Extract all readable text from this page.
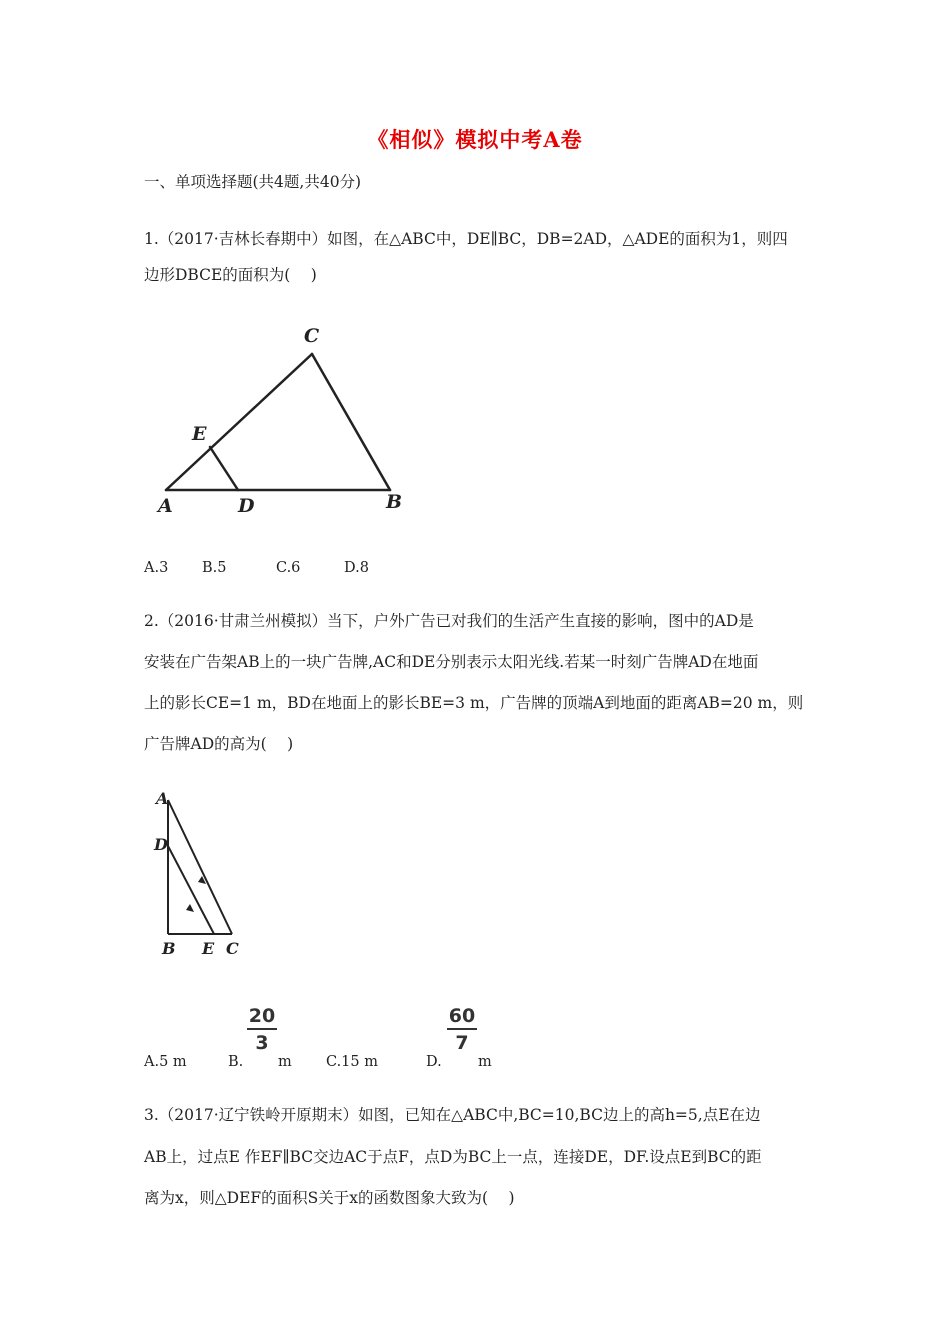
《相似》模拟中考A卷
一、单项选择题(共4题,共40分)
1.（2017·吉林长春期中）如图，在△ABC中，DE∥BC，DB=2AD，△ADE的面积为1，则四
边形DBCE的面积为(　 )
C
E
A	D	B
A.3 B.5	C.6	D.8
2.（2016·甘肃兰州模拟）当下，户外广告已对我们的生活产生直接的影响，图中的AD是
安装在广告架AB上的一块广告牌,AC和DE分别表示太阳光线.若某一时刻广告牌AD在地面
上的影长CE=1 m，BD在地面上的影长BE=3 m，广告牌的顶端A到地面的距离AB=20 m，则
广告牌AD的高为(　 )
A
D
B E C
A.5 m	B.
20
3
m C.15 m	D.
60
7
m
3.（2017·辽宁铁岭开原期末）如图，已知在△ABC中,BC=10,BC边上的高h=5,点E在边
AB上，过点E 作EF∥BC交边AC于点F，点D为BC上一点，连接DE，DF.设点E到BC的距
离为x，则△DEF的面积S关于x的函数图象大致为(　 )
